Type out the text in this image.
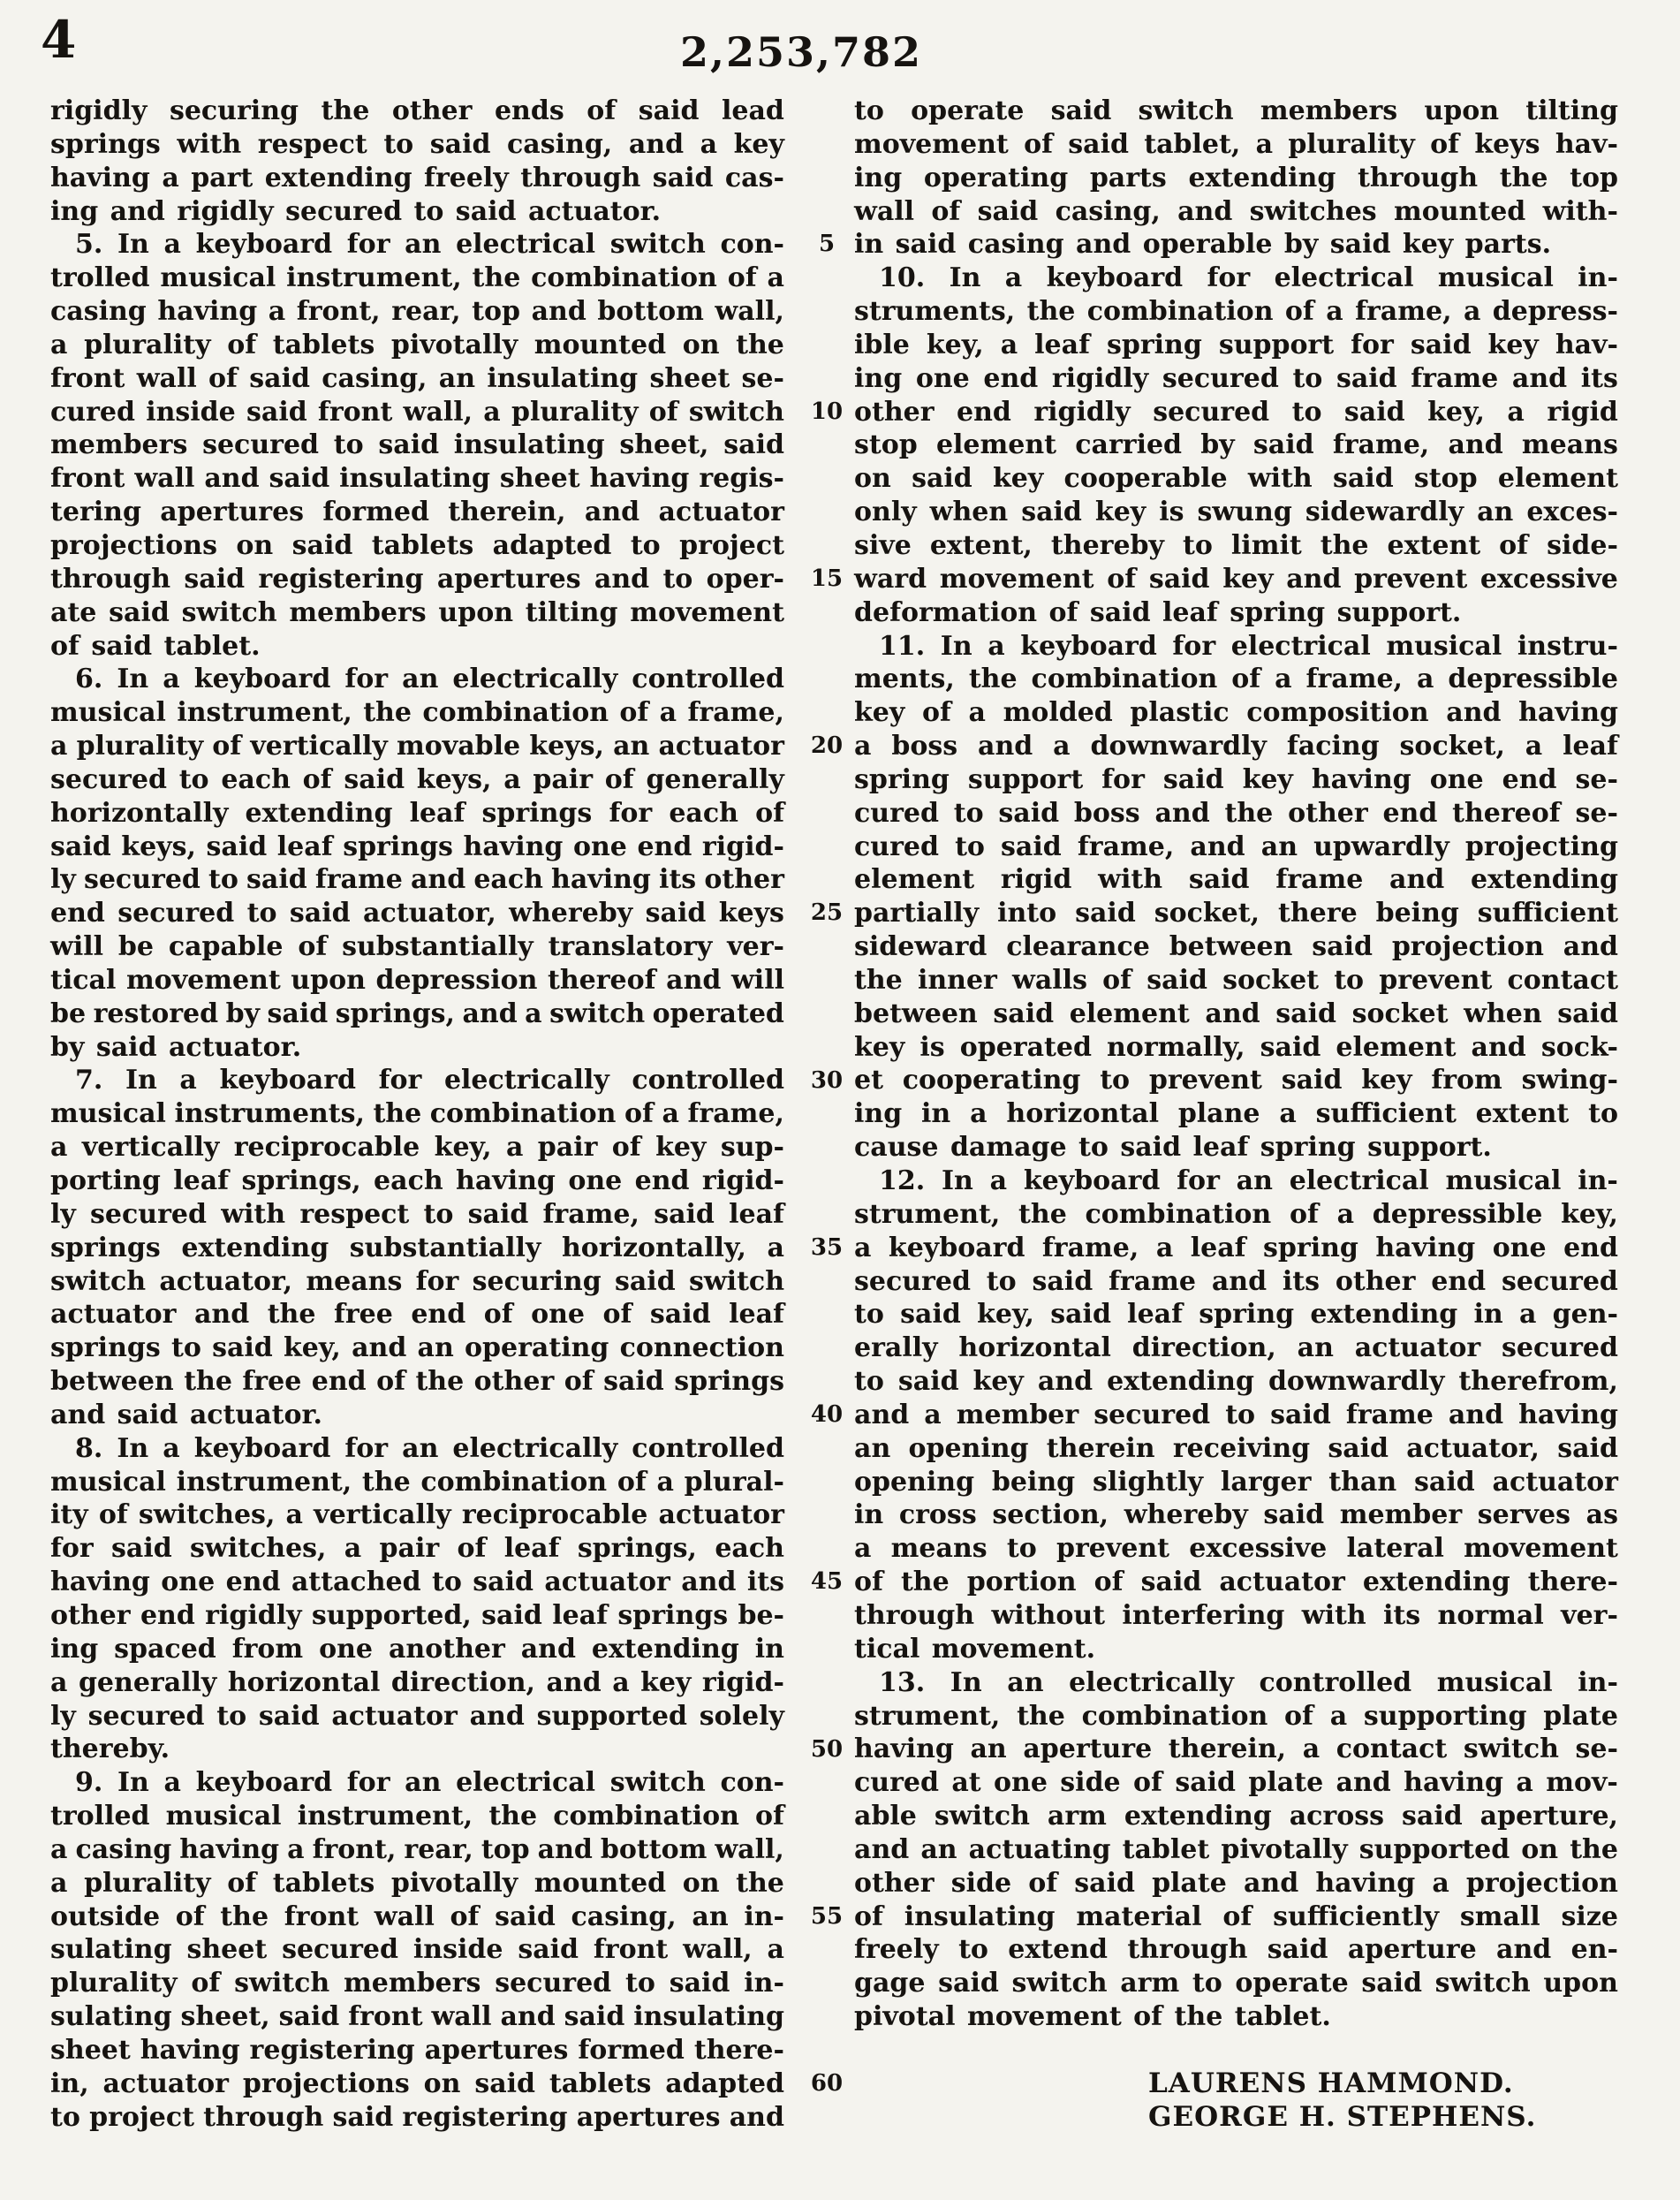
4	2,253,782
rigidly securing the other ends of said lead
springs with respect to said casing, and a key
having a part extending freely through said cas-
ing and rigidly secured to said actuator.
5. In a keyboard for an electrical switch con-
trolled musical instrument, the combination of a
casing having a front, rear, top and bottom wall,
a plurality of tablets pivotally mounted on the
front wall of said casing, an insulating sheet se-
cured inside said front wall, a plurality of switch
members secured to said insulating sheet, said
front wall and said insulating sheet having regis-
tering apertures formed therein, and actuator
projections on said tablets adapted to project
through said registering apertures and to oper-
ate said switch members upon tilting movement
of said tablet.
6. In a keyboard for an electrically controlled
musical instrument, the combination of a frame,
a plurality of vertically movable keys, an actuator
secured to each of said keys, a pair of generally
horizontally extending leaf springs for each of
said keys, said leaf springs having one end rigid-
ly secured to said frame and each having its other
end secured to said actuator, whereby said keys
will be capable of substantially translatory ver-
tical movement upon depression thereof and will
be restored by said springs, and a switch operated
by said actuator.
7. In a keyboard for electrically controlled
musical instruments, the combination of a frame,
a vertically reciprocable key, a pair of key sup-
porting leaf springs, each having one end rigid-
ly secured with respect to said frame, said leaf
springs extending substantially horizontally, a
switch actuator, means for securing said switch
actuator and the free end of one of said leaf
springs to said key, and an operating connection
between the free end of the other of said springs
and said actuator.
8. In a keyboard for an electrically controlled
musical instrument, the combination of a plural-
ity of switches, a vertically reciprocable actuator
for said switches, a pair of leaf springs, each
having one end attached to said actuator and its
other end rigidly supported, said leaf springs be-
ing spaced from one another and extending in
a generally horizontal direction, and a key rigid-
ly secured to said actuator and supported solely
thereby.
9. In a keyboard for an electrical switch con-
trolled musical instrument, the combination of
a casing having a front, rear, top and bottom wall,
a plurality of tablets pivotally mounted on the
outside of the front wall of said casing, an in-
sulating sheet secured inside said front wall, a
plurality of switch members secured to said in-
sulating sheet, said front wall and said insulating
sheet having registering apertures formed there-
in, actuator projections on said tablets adapted
to project through said registering apertures and
LAURENS HAMMOND.
GEORGE H. STEPHENS.
to operate said switch members upon tilting
movement of said tablet, a plurality of keys hav-
ing operating parts extending through the top
wall of said casing, and switches mounted with-
in said casing and operable by said key parts.
10. In a keyboard for electrical musical in-
struments, the combination of a frame, a depress-
ible key, a leaf spring support for said key hav-
ing one end rigidly secured to said frame and its
other end rigidly secured to said key, a rigid
stop element carried by said frame, and means
on said key cooperable with said stop element
only when said key is swung sidewardly an exces-
sive extent, thereby to limit the extent of side-
ward movement of said key and prevent excessive
deformation of said leaf spring support.
11. In a keyboard for electrical musical instru-
ments, the combination of a frame, a depressible
key of a molded plastic composition and having
a boss and a downwardly facing socket, a leaf
spring support for said key having one end se-
cured to said boss and the other end thereof se-
cured to said frame, and an upwardly projecting
element rigid with said frame and extending
partially into said socket, there being sufficient
sideward clearance between said projection and
the inner walls of said socket to prevent contact
between said element and said socket when said
key is operated normally, said element and sock-
et cooperating to prevent said key from swing-
ing in a horizontal plane a sufficient extent to
cause damage to said leaf spring support.
12. In a keyboard for an electrical musical in-
strument, the combination of a depressible key,
a keyboard frame, a leaf spring having one end
secured to said frame and its other end secured
to said key, said leaf spring extending in a gen-
erally horizontal direction, an actuator secured
to said key and extending downwardly therefrom,
and a member secured to said frame and having
an opening therein receiving said actuator, said
opening being slightly larger than said actuator
in cross section, whereby said member serves as
a means to prevent excessive lateral movement
of the portion of said actuator extending there-
through without interfering with its normal ver-
tical movement.
13. In an electrically controlled musical in-
strument, the combination of a supporting plate
having an aperture therein, a contact switch se-
cured at one side of said plate and having a mov-
able switch arm extending across said aperture,
and an actuating tablet pivotally supported on the
other side of said plate and having a projection
of insulating material of sufficiently small size
freely to extend through said aperture and en-
gage said switch arm to operate said switch upon
pivotal movement of the tablet.
5
10
15
20
25
30
35
40
45
50
55
60
